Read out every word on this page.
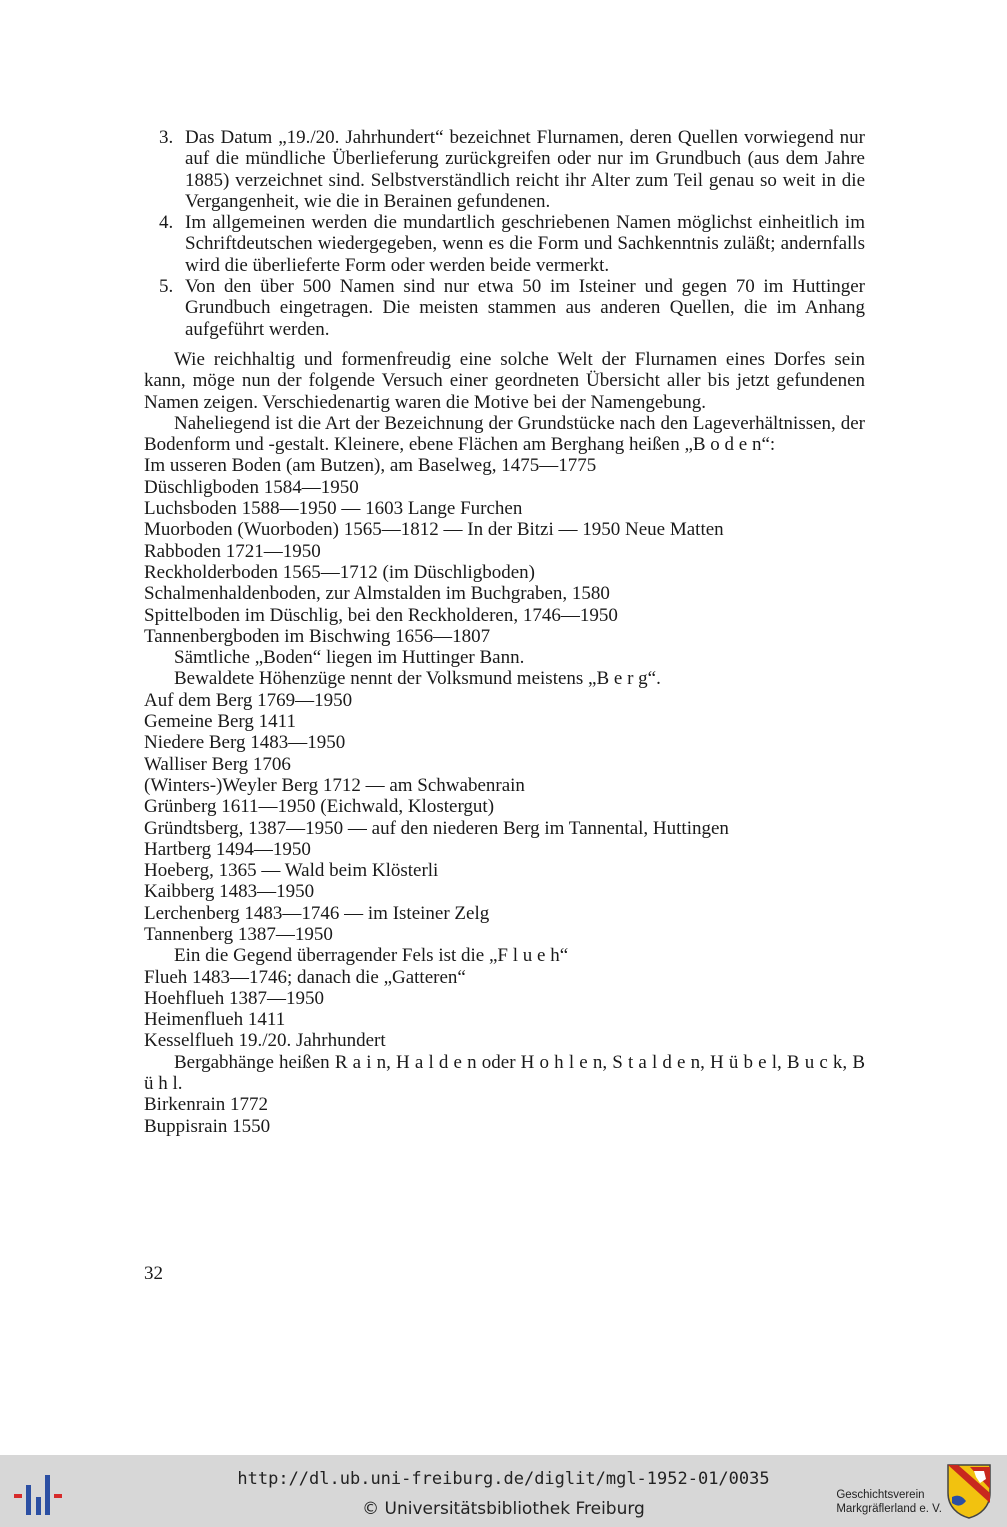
3. Das Datum „19./20. Jahrhundert“ bezeichnet Flurnamen, deren Quellen vorwiegend nur auf die mündliche Überlieferung zurückgreifen oder nur im Grundbuch (aus dem Jahre 1885) verzeichnet sind. Selbstverständlich reicht ihr Alter zum Teil genau so weit in die Vergangenheit, wie die in Berainen gefundenen.
4. Im allgemeinen werden die mundartlich geschriebenen Namen möglichst einheitlich im Schriftdeutschen wiedergegeben, wenn es die Form und Sachkenntnis zuläßt; andernfalls wird die überlieferte Form oder werden beide vermerkt.
5. Von den über 500 Namen sind nur etwa 50 im Isteiner und gegen 70 im Huttinger Grundbuch eingetragen. Die meisten stammen aus anderen Quellen, die im Anhang aufgeführt werden.

Wie reichhaltig und formenfreudig eine solche Welt der Flurnamen eines Dorfes sein kann, möge nun der folgende Versuch einer geordneten Übersicht aller bis jetzt gefundenen Namen zeigen. Verschiedenartig waren die Motive bei der Namengebung.

Naheliegend ist die Art der Bezeichnung der Grundstücke nach den Lageverhältnissen, der Bodenform und -gestalt. Kleinere, ebene Flächen am Berghang heißen „B o d e n“:

Im usseren Boden (am Butzen), am Baselweg, 1475—1775
Düschligboden 1584—1950
Luchsboden 1588—1950 — 1603 Lange Furchen
Muorboden (Wuorboden) 1565—1812 — In der Bitzi — 1950 Neue Matten
Rabboden 1721—1950
Reckholderboden 1565—1712 (im Düschligboden)
Schalmenhaldenboden, zur Almstalden im Buchgraben, 1580
Spittelboden im Düschlig, bei den Reckholderen, 1746—1950
Tannenbergboden im Bischwing 1656—1807
Sämtliche „Boden“ liegen im Huttinger Bann.
Bewaldete Höhenzüge nennt der Volksmund meistens „B e r g“.
Auf dem Berg 1769—1950
Gemeine Berg 1411
Niedere Berg 1483—1950
Walliser Berg 1706
(Winters-)Weyler Berg 1712 — am Schwabenrain
Grünberg 1611—1950 (Eichwald, Klostergut)
Gründtsberg, 1387—1950 — auf den niederen Berg im Tannental, Huttingen
Hartberg 1494—1950
Hoeberg, 1365 — Wald beim Klösterli
Kaibberg 1483—1950
Lerchenberg 1483—1746 — im Isteiner Zelg
Tannenberg 1387—1950
Ein die Gegend überragender Fels ist die „F l u e h“
Flueh 1483—1746; danach die „Gatteren“
Hoehflueh 1387—1950
Heimenflueh 1411
Kesselflueh 19./20. Jahrhundert

Bergabhänge heißen R a i n, H a l d e n oder H o h l e n, S t a l d e n, H ü b e l, B u c k, B ü h l.

Birkenrain 1772
Buppisrain 1550
32
http://dl.ub.uni-freiburg.de/diglit/mgl-1952-01/0035
© Universitätsbibliothek Freiburg
Geschichtsverein
Markgräflerland e. V.
